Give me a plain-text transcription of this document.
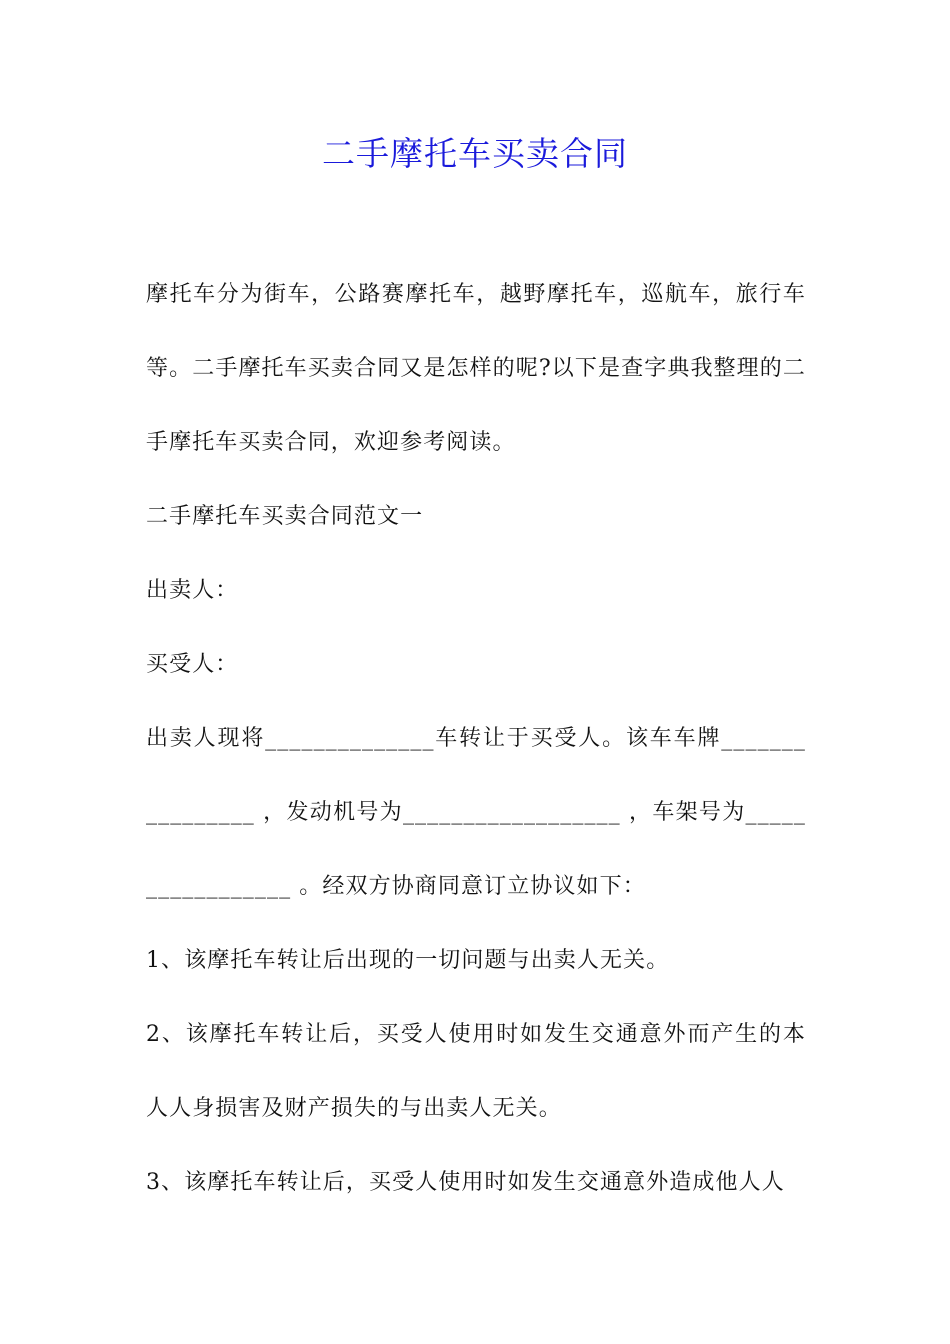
二手摩托车买卖合同

摩托车分为街车，公路赛摩托车，越野摩托车，巡航车，旅行车等。二手摩托车买卖合同又是怎样的呢?以下是查字典我整理的二手摩托车买卖合同，欢迎参考阅读。

二手摩托车买卖合同范文一

出卖人：

买受人：

出卖人现将______________车转让于买受人。该车车牌_______ _________ ，发动机号为__________________ ，车架号为_____ ____________ 。经双方协商同意订立协议如下：

1、该摩托车转让后出现的一切问题与出卖人无关。

2、该摩托车转让后，买受人使用时如发生交通意外而产生的本人人身损害及财产损失的与出卖人无关。

3、该摩托车转让后，买受人使用时如发生交通意外造成他人人
